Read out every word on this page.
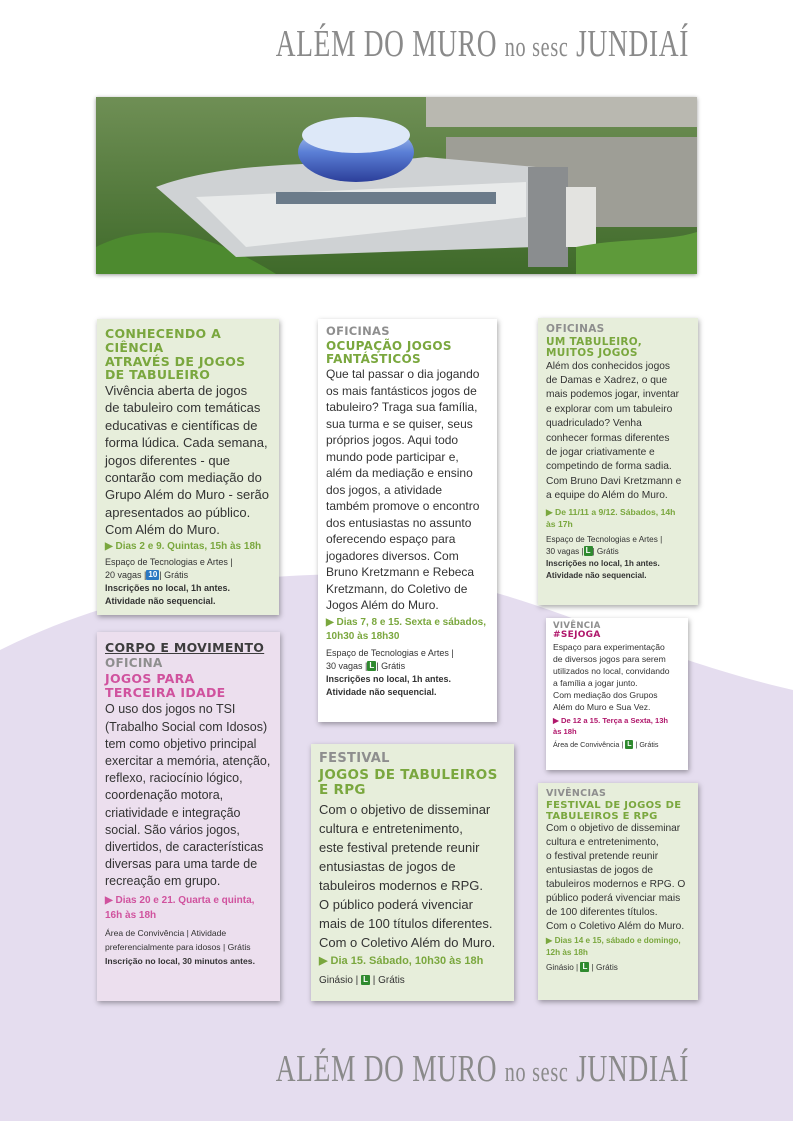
ALÉM DO MURO no sesc JUNDIAÍ
CONHECENDO A CIÊNCIA
ATRAVÉS DE JOGOS
DE TABULEIRO
Vivência aberta de jogos
de tabuleiro com temáticas
educativas e científicas de
forma lúdica. Cada semana,
jogos diferentes - que
contarão com mediação do
Grupo Além do Muro - serão
apresentados ao público.
Com Além do Muro.
▶ Dias 2 e 9. Quintas, 15h às 18h
Espaço de Tecnologias e Artes |
20 vagas | 10 | Grátis
Inscrições no local, 1h antes.
Atividade não sequencial.
OFICINAS
OCUPAÇÃO JOGOS
FANTÁSTICOS
Que tal passar o dia jogando
os mais fantásticos jogos de
tabuleiro? Traga sua família,
sua turma e se quiser, seus
próprios jogos. Aqui todo
mundo pode participar e,
além da mediação e ensino
dos jogos, a atividade
também promove o encontro
dos entusiastas no assunto
oferecendo espaço para
jogadores diversos. Com
Bruno Kretzmann e Rebeca
Kretzmann, do Coletivo de
Jogos Além do Muro.
▶ Dias 7, 8 e 15. Sexta e sábados,
10h30 às 18h30
Espaço de Tecnologias e Artes |
30 vagas | L | Grátis
Inscrições no local, 1h antes.
Atividade não sequencial.
OFICINAS
UM TABULEIRO,
MUITOS JOGOS
Além dos conhecidos jogos
de Damas e Xadrez, o que
mais podemos jogar, inventar
e explorar com um tabuleiro
quadriculado? Venha
conhecer formas diferentes
de jogar criativamente e
competindo de forma sadia.
Com Bruno Davi Kretzmann e
a equipe do Além do Muro.
▶ De 11/11 a 9/12. Sábados, 14h
às 17h
Espaço de Tecnologias e Artes |
30 vagas | L | Grátis
Inscrições no local, 1h antes.
Atividade não sequencial.
CORPO E MOVIMENTO
OFICINA
JOGOS PARA
TERCEIRA IDADE
O uso dos jogos no TSI
(Trabalho Social com Idosos)
tem como objetivo principal
exercitar a memória, atenção,
reflexo, raciocínio lógico,
coordenação motora,
criatividade e integração
social. São vários jogos,
divertidos, de características
diversas para uma tarde de
recreação em grupo.
▶ Dias 20 e 21. Quarta e quinta,
16h às 18h
Área de Convivência | Atividade
preferencialmente para idosos | Grátis
Inscrição no local, 30 minutos antes.
FESTIVAL
JOGOS DE TABULEIROS
E RPG
Com o objetivo de disseminar
cultura e entretenimento,
este festival pretende reunir
entusiastas de jogos de
tabuleiros modernos e RPG.
O público poderá vivenciar
mais de 100 títulos diferentes.
Com o Coletivo Além do Muro.
▶ Dia 15. Sábado, 10h30 às 18h
Ginásio | L | Grátis
VIVÊNCIA
#SEJOGA
Espaço para experimentação
de diversos jogos para serem
utilizados no local, convidando
a família a jogar junto.
Com mediação dos Grupos
Além do Muro e Sua Vez.
▶ De 12 a 15. Terça a Sexta, 13h
às 18h
Área de Convivência | L | Grátis
VIVÊNCIAS
FESTIVAL DE JOGOS DE
TABULEIROS E RPG
Com o objetivo de disseminar
cultura e entretenimento,
o festival pretende reunir
entusiastas de jogos de
tabuleiros modernos e RPG. O
público poderá vivenciar mais
de 100 diferentes títulos.
Com o Coletivo Além do Muro.
▶ Dias 14 e 15, sábado e domingo,
12h às 18h
Ginásio | L | Grátis
ALÉM DO MURO no sesc JUNDIAÍ
